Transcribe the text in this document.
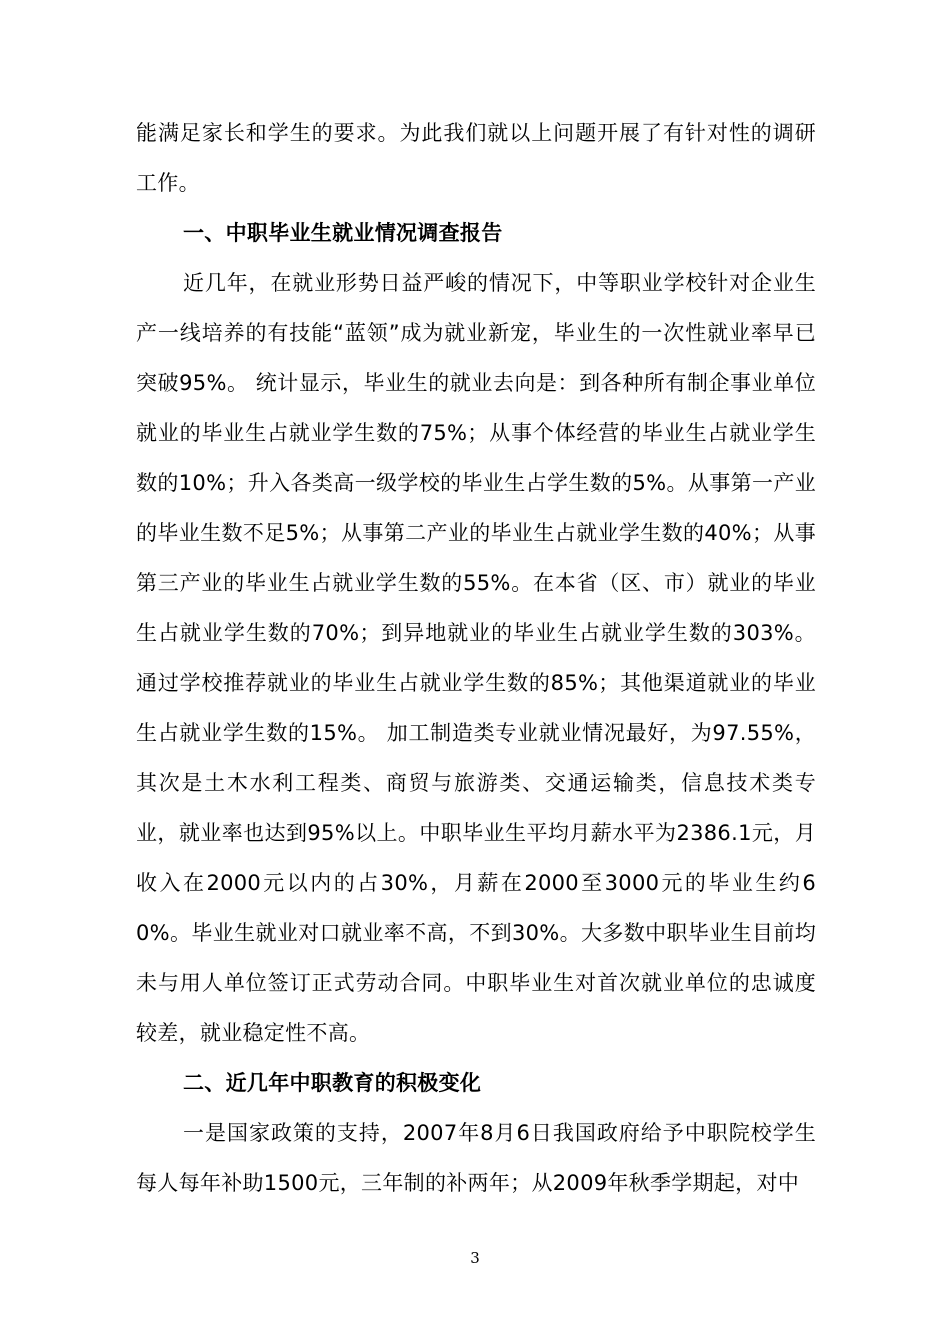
能满足家长和学生的要求。为此我们就以上问题开展了有针对性的调研工作。

一、中职毕业生就业情况调查报告

近几年，在就业形势日益严峻的情况下，中等职业学校针对企业生产一线培养的有技能“蓝领”成为就业新宠，毕业生的一次性就业率早已突破95%。 统计显示，毕业生的就业去向是：到各种所有制企事业单位就业的毕业生占就业学生数的75%；从事个体经营的毕业生占就业学生数的10%；升入各类高一级学校的毕业生占学生数的5%。从事第一产业的毕业生数不足5%；从事第二产业的毕业生占就业学生数的40%；从事第三产业的毕业生占就业学生数的55%。在本省（区、市）就业的毕业生占就业学生数的70%；到异地就业的毕业生占就业学生数的303%。通过学校推荐就业的毕业生占就业学生数的85%；其他渠道就业的毕业生占就业学生数的15%。 加工制造类专业就业情况最好，为97.55%，其次是土木水利工程类、商贸与旅游类、交通运输类，信息技术类专业，就业率也达到95%以上。中职毕业生平均月薪水平为2386.1元，月收入在2000元以内的占30%，月薪在2000至3000元的毕业生约60%。毕业生就业对口就业率不高，不到30%。大多数中职毕业生目前均未与用人单位签订正式劳动合同。中职毕业生对首次就业单位的忠诚度较差，就业稳定性不高。

二、近几年中职教育的积极变化

一是国家政策的支持，2007年8月6日我国政府给予中职院校学生每人每年补助1500元，三年制的补两年；从2009年秋季学期起，对中

3
